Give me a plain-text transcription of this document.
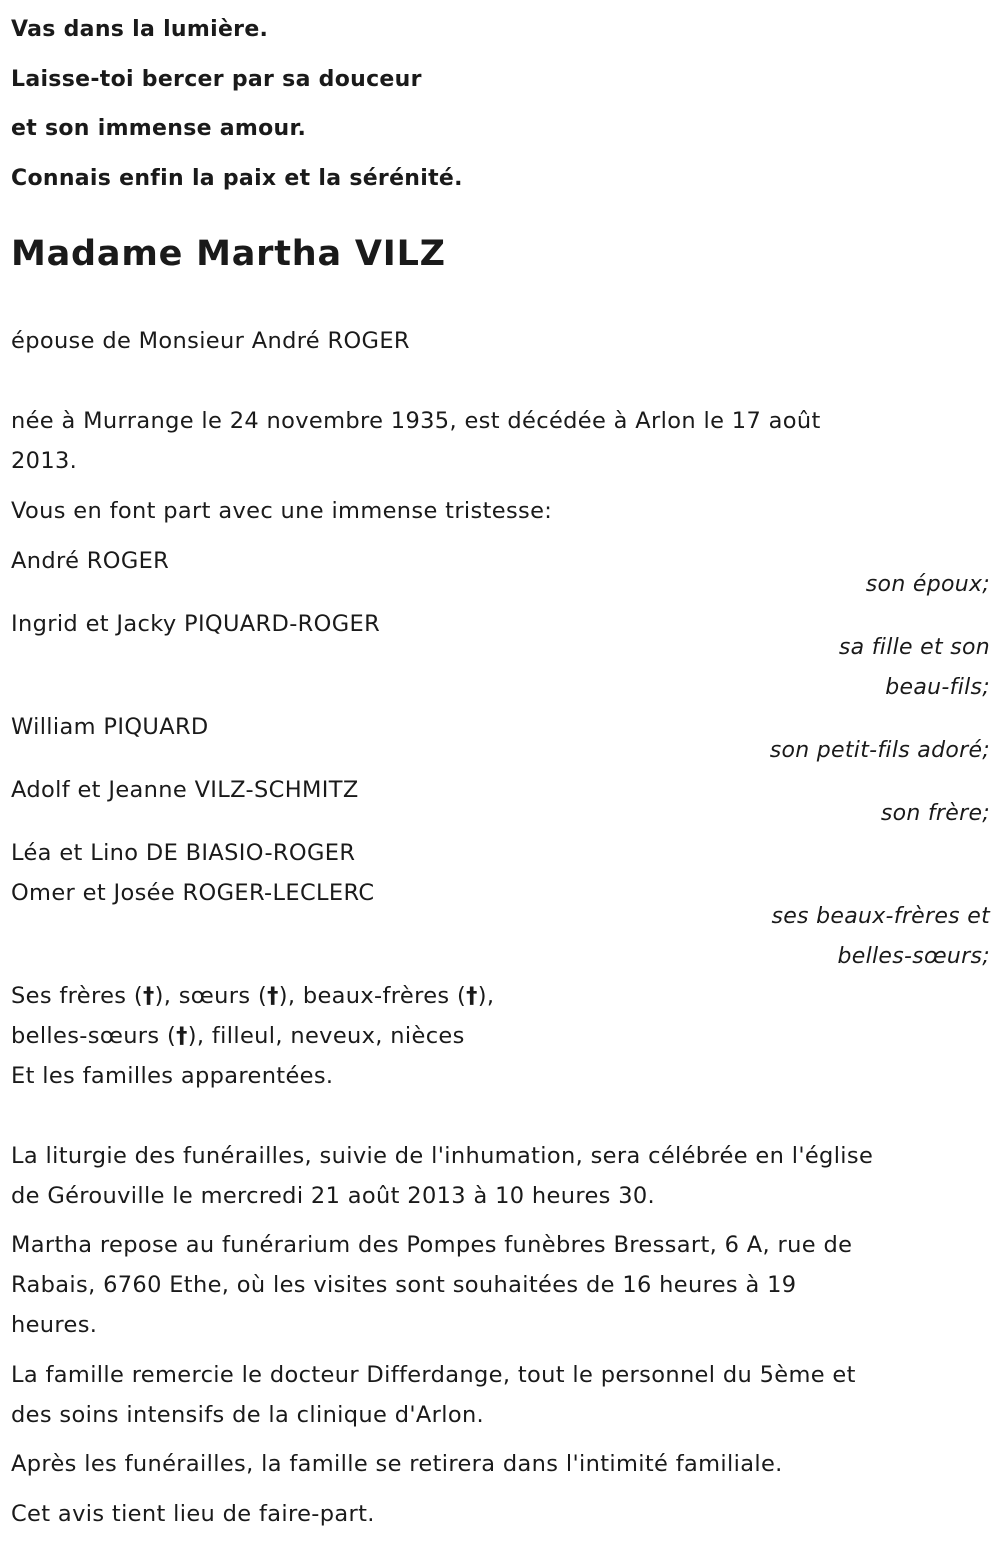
Vas dans la lumière.
Laisse-toi bercer par sa douceur
et son immense amour.
Connais enfin la paix et la sérénité.
Madame Martha VILZ
épouse de Monsieur André ROGER
née à Murrange le 24 novembre 1935, est décédée à Arlon le 17 août
2013.
Vous en font part avec une immense tristesse:
André ROGER
son époux;
Ingrid et Jacky PIQUARD-ROGER
sa fille et son
beau-fils;
William PIQUARD
son petit-fils adoré;
Adolf et Jeanne VILZ-SCHMITZ
son frère;
Léa et Lino DE BIASIO-ROGER
Omer et Josée ROGER-LECLERC
ses beaux-frères et
belles-sœurs;
Ses frères (†), sœurs (†), beaux-frères (†),
belles-sœurs (†), filleul, neveux, nièces
Et les familles apparentées.
La liturgie des funérailles, suivie de l'inhumation, sera célébrée en l'église
de Gérouville le mercredi 21 août 2013 à 10 heures 30.
Martha repose au funérarium des Pompes funèbres Bressart, 6 A, rue de
Rabais, 6760 Ethe, où les visites sont souhaitées de 16 heures à 19
heures.
La famille remercie le docteur Differdange, tout le personnel du 5ème et
des soins intensifs de la clinique d'Arlon.
Après les funérailles, la famille se retirera dans l'intimité familiale.
Cet avis tient lieu de faire-part.
